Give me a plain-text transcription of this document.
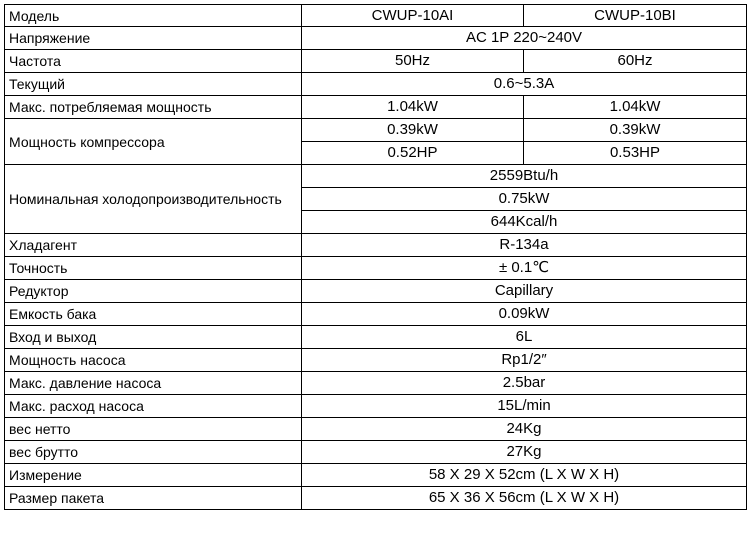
Модель	CWUP-10AI	CWUP-10BI
Напряжение	AC 1P 220~240V	
Частота	50Hz	60Hz
Текущий	0.6~5.3A	
Макс. потребляемая мощность	1.04kW	1.04kW
Мощность компрессора	0.39kW	0.39kW
	0.52HP	0.53HP
Номинальная холодопроизводительность	2559Btu/h	
	0.75kW	
	644Kcal/h	
Хладагент	R-134a	
Точность	± 0.1℃	
Редуктор	Capillary	
Емкость бака	0.09kW	
Вход и выход	6L	
Мощность насоса	Rp1/2″	
Макс. давление насоса	2.5bar	
Макс. расход насоса	15L/min	
вес нетто	24Kg	
вес брутто	27Kg	
Измерение	58 X 29 X 52cm (L X W X H)	
Размер пакета	65 X 36 X 56cm (L X W X H)	
